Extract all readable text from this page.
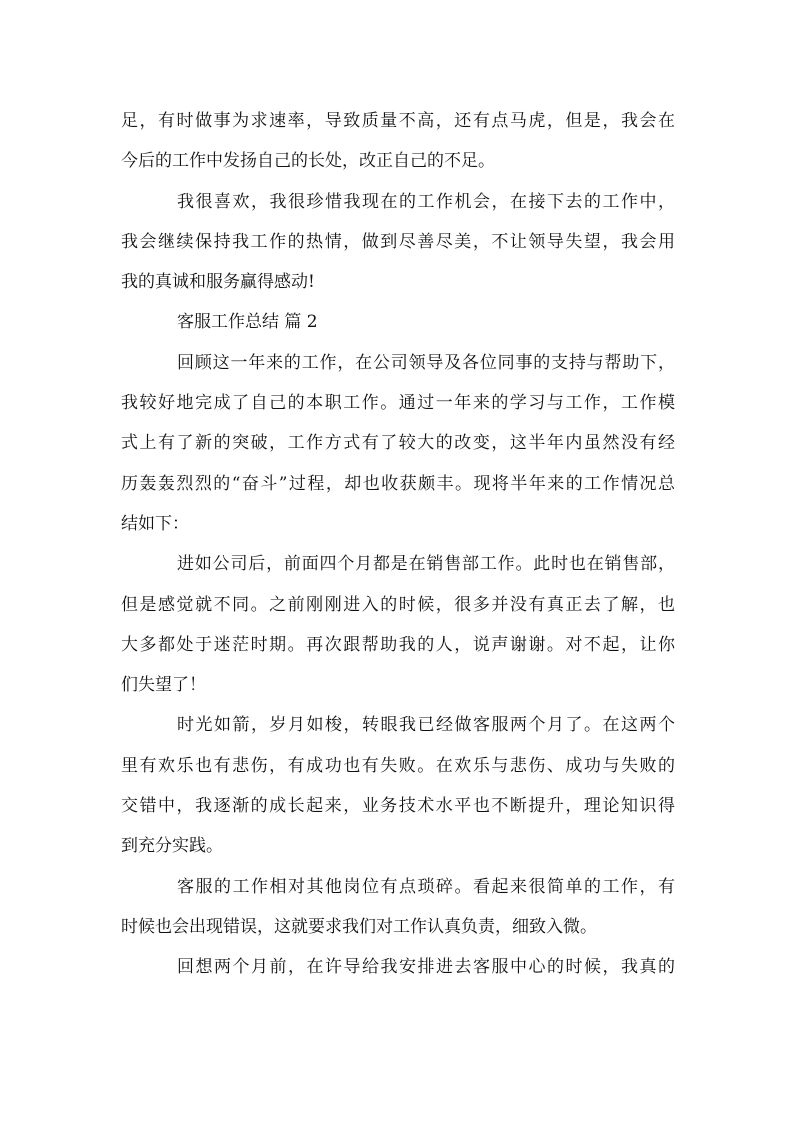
足，有时做事为求速率，导致质量不高，还有点马虎，但是，我会在
今后的工作中发扬自己的长处，改正自己的不足。
我很喜欢，我很珍惜我现在的工作机会，在接下去的工作中，
我会继续保持我工作的热情，做到尽善尽美，不让领导失望，我会用
我的真诚和服务赢得感动!
客服工作总结 篇 2
回顾这一年来的工作，在公司领导及各位同事的支持与帮助下，
我较好地完成了自己的本职工作。通过一年来的学习与工作，工作模
式上有了新的突破，工作方式有了较大的改变，这半年内虽然没有经
历轰轰烈烈的“奋斗”过程，却也收获颇丰。现将半年来的工作情况总
结如下：
进如公司后，前面四个月都是在销售部工作。此时也在销售部，
但是感觉就不同。之前刚刚进入的时候，很多并没有真正去了解，也
大多都处于迷茫时期。再次跟帮助我的人，说声谢谢。对不起，让你
们失望了！
时光如箭，岁月如梭，转眼我已经做客服两个月了。在这两个
里有欢乐也有悲伤，有成功也有失败。在欢乐与悲伤、成功与失败的
交错中，我逐渐的成长起来，业务技术水平也不断提升，理论知识得
到充分实践。
客服的工作相对其他岗位有点琐碎。看起来很简单的工作，有
时候也会出现错误，这就要求我们对工作认真负责，细致入微。
回想两个月前，在许导给我安排进去客服中心的时候，我真的
